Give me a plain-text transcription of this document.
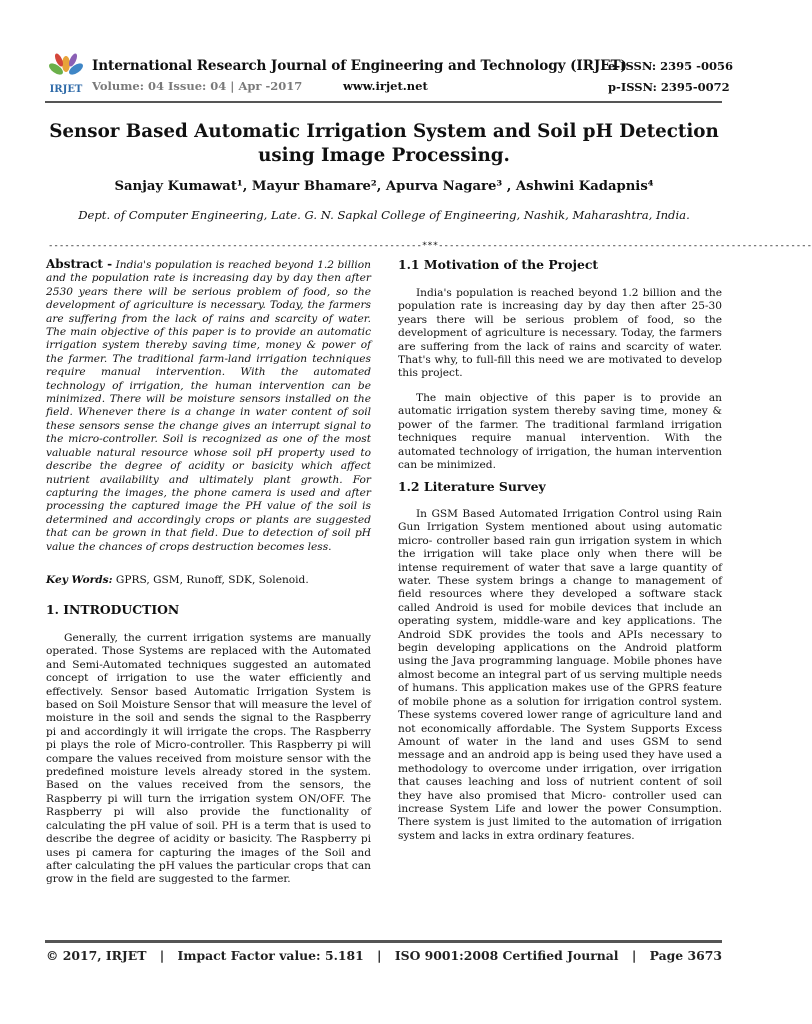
IRJET
International Research Journal of Engineering and Technology (IRJET)
Volume: 04 Issue: 04 | Apr -2017	www.irjet.net
e-ISSN: 2395 -0056
p-ISSN: 2395-0072
Sensor Based Automatic Irrigation System and Soil pH Detection using Image Processing.
Sanjay Kumawat¹, Mayur Bhamare², Apurva Nagare³ , Ashwini Kadapnis⁴
Dept. of Computer Engineering, Late. G. N. Sapkal College of Engineering, Nashik, Maharashtra, India.
---------------------------------------------------------------------***---------------------------------------------------------------------
Abstract - India's population is reached beyond 1.2 billion and the population rate is increasing day by day then after 2530 years there will be serious problem of food, so the development of agriculture is necessary. Today, the farmers are suffering from the lack of rains and scarcity of water. The main objective of this paper is to provide an automatic irrigation system thereby saving time, money & power of the farmer. The traditional farm-land irrigation techniques require manual intervention. With the automated technology of irrigation, the human intervention can be minimized. There will be moisture sensors installed on the field. Whenever there is a change in water content of soil these sensors sense the change gives an interrupt signal to the micro-controller. Soil is recognized as one of the most valuable natural resource whose soil pH property used to describe the degree of acidity or basicity which affect nutrient availability and ultimately plant growth. For capturing the images, the phone camera is used and after processing the captured image the PH value of the soil is determined and accordingly crops or plants are suggested that can be grown in that field. Due to detection of soil pH value the chances of crops destruction becomes less.
Key Words: GPRS, GSM, Runoff, SDK, Solenoid.
1. INTRODUCTION
Generally, the current irrigation systems are manually operated. Those Systems are replaced with the Automated and Semi-Automated techniques suggested an automated concept of irrigation to use the water efficiently and effectively. Sensor based Automatic Irrigation System is based on Soil Moisture Sensor that will measure the level of moisture in the soil and sends the signal to the Raspberry pi and accordingly it will irrigate the crops. The Raspberry pi plays the role of Micro-controller. This Raspberry pi will compare the values received from moisture sensor with the predefined moisture levels already stored in the system. Based on the values received from the sensors, the Raspberry pi will turn the irrigation system ON/OFF. The Raspberry pi will also provide the functionality of calculating the pH value of soil. PH is a term that is used to describe the degree of acidity or basicity. The Raspberry pi uses pi camera for capturing the images of the Soil and after calculating the pH values the particular crops that can grow in the field are suggested to the farmer.
1.1 Motivation of the Project
India's population is reached beyond 1.2 billion and the population rate is increasing day by day then after 25-30 years there will be serious problem of food, so the development of agriculture is necessary. Today, the farmers are suffering from the lack of rains and scarcity of water. That's why, to full-fill this need we are motivated to develop this project.
The main objective of this paper is to provide an automatic irrigation system thereby saving time, money & power of the farmer. The traditional farmland irrigation techniques require manual intervention. With the automated technology of irrigation, the human intervention can be minimized.
1.2 Literature Survey
In GSM Based Automated Irrigation Control using Rain Gun Irrigation System mentioned about using automatic micro- controller based rain gun irrigation system in which the irrigation will take place only when there will be intense requirement of water that save a large quantity of water. These system brings a change to management of field resources where they developed a software stack called Android is used for mobile devices that include an operating system, middle-ware and key applications. The Android SDK provides the tools and APIs necessary to begin developing applications on the Android platform using the Java programming language. Mobile phones have almost become an integral part of us serving multiple needs of humans. This application makes use of the GPRS feature of mobile phone as a solution for irrigation control system. These systems covered lower range of agriculture land and not economically affordable. The System Supports Excess Amount of water in the land and uses GSM to send message and an android app is being used they have used a methodology to overcome under irrigation, over irrigation that causes leaching and loss of nutrient content of soil they have also promised that Micro- controller used can increase System Life and lower the power Consumption. There system is just limited to the automation of irrigation system and lacks in extra ordinary features.
© 2017, IRJET	|	Impact Factor value: 5.181	|	ISO 9001:2008 Certified Journal	|	Page 3673
